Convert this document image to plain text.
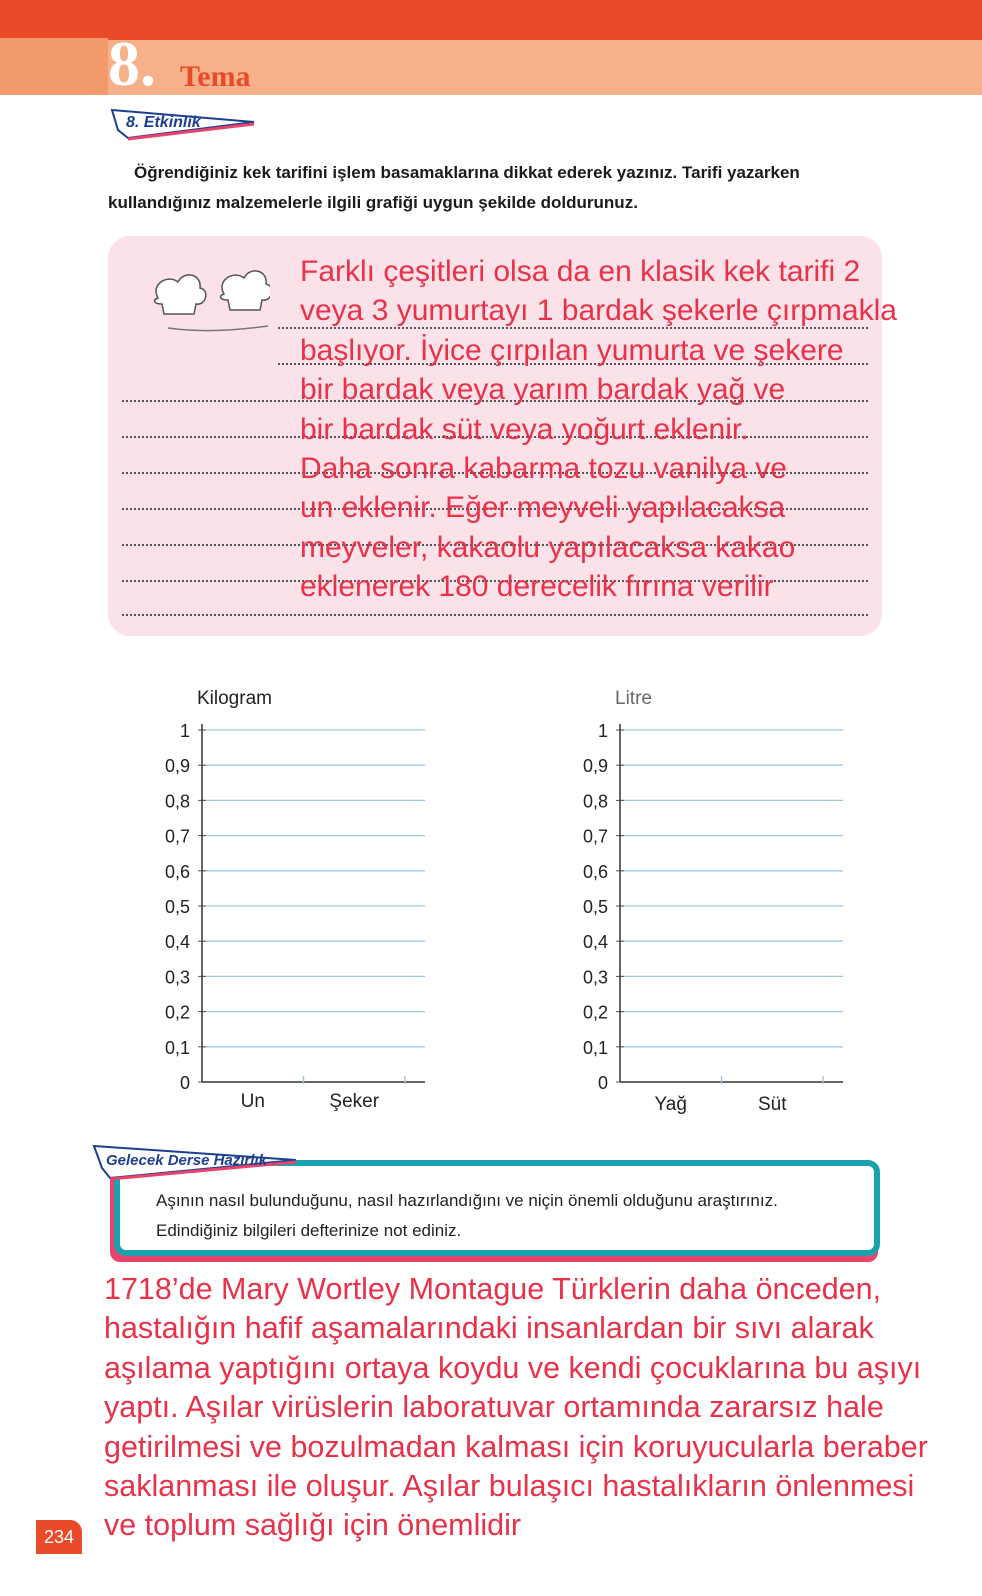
8. Tema
8. Etkinlik
Öğrendiğiniz kek tarifini işlem basamaklarına dikkat ederek yazınız. Tarifi yazarken kullandığınız malzemelerle ilgili grafiği uygun şekilde doldurunuz.
Farklı çeşitleri olsa da en klasik kek tarifi 2
veya 3 yumurtayı 1 bardak şekerle çırpmakla
başlıyor. İyice çırpılan yumurta ve şekere
bir bardak veya yarım bardak yağ ve
bir bardak süt veya yoğurt eklenir.
Daha sonra kabarma tozu vanilya ve
un eklenir. Eğer meyveli yapılacaksa
meyveler, kakaolu yapılacaksa kakao
eklenerek 180 derecelik fırına verilir
Kilogram
0
0,1
0,2
0,3
0,4
0,5
0,6
0,7
0,8
0,9
1
Un	Şeker
Litre
0
0,1
0,2
0,3
0,4
0,5
0,6
0,7
0,8
0,9
1
Yağ	Süt
Gelecek Derse Hazırlık
Aşının nasıl bulunduğunu, nasıl hazırlandığını ve niçin önemli olduğunu araştırınız.
Edindiğiniz bilgileri defterinize not ediniz.
1718’de Mary Wortley Montague Türklerin daha önceden,
hastalığın hafif aşamalarındaki insanlardan bir sıvı alarak
aşılama yaptığını ortaya koydu ve kendi çocuklarına bu aşıyı
yaptı. Aşılar virüslerin laboratuvar ortamında zararsız hale
getirilmesi ve bozulmadan kalması için koruyucularla beraber
saklanması ile oluşur. Aşılar bulaşıcı hastalıkların önlenmesi
ve toplum sağlığı için önemlidir
234
